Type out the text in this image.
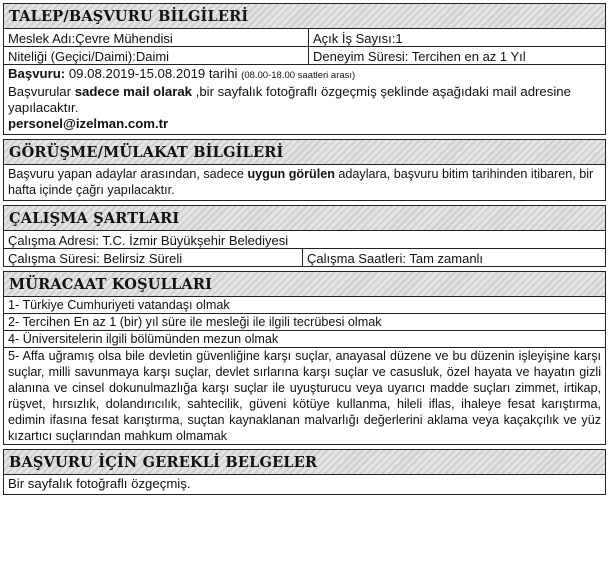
TALEP/BAŞVURU BİLGİLERİ
Meslek Adı:Çevre Mühendisi	Açık İş Sayısı:1
Niteliği (Geçici/Daimi):Daimi	Deneyim Süresi: Tercihen en az 1 Yıl

Başvuru: 09.08.2019-15.08.2019 tarihi (08.00-18.00 saatleri arası)

Başvurular sadece mail olarak ,bir sayfalık fotoğraflı özgeçmiş şeklinde aşağıdaki mail adresine yapılacaktır.

personel@izelman.com.tr

GÖRÜŞME/MÜLAKAT BİLGİLERİ

Başvuru yapan adaylar arasından, sadece uygun görülen adaylara, başvuru bitim tarihinden itibaren, bir hafta içinde çağrı yapılacaktır.

ÇALIŞMA ŞARTLARI
Çalışma Adresi: T.C. İzmir Büyükşehir Belediyesi
Çalışma Süresi: Belirsiz Süreli	Çalışma Saatleri: Tam zamanlı
MÜRACAAT KOŞULLARI
1- Türkiye Cumhuriyeti vatandaşı olmak
2- Tercihen En az 1 (bir) yıl süre ile mesleği ile ilgili tecrübesi olmak
4- Üniversitelerin ilgili bölümünden mezun olmak
5- Affa uğramış olsa bile devletin güvenliğine karşı suçlar, anayasal düzene ve bu düzenin işleyişine karşı suçlar, milli savunmaya karşı suçlar, devlet sırlarına karşı suçlar ve casusluk, özel hayata ve hayatın gizli alanına ve cinsel dokunulmazlığa karşı suçlar ile uyuşturucu veya uyarıcı madde suçları zimmet, irtikap, rüşvet, hırsızlık, dolandırıcılık, sahtecilik, güveni kötüye kullanma, hileli iflas, ihaleye fesat karıştırma, edimin ifasına fesat karıştırma, suçtan kaynaklanan malvarlığı değerlerini aklama veya kaçakçılık ve yüz kızartıcı suçlarından mahkum olmamak
BAŞVURU İÇİN GEREKLİ BELGELER
Bir sayfalık fotoğraflı özgeçmiş.
